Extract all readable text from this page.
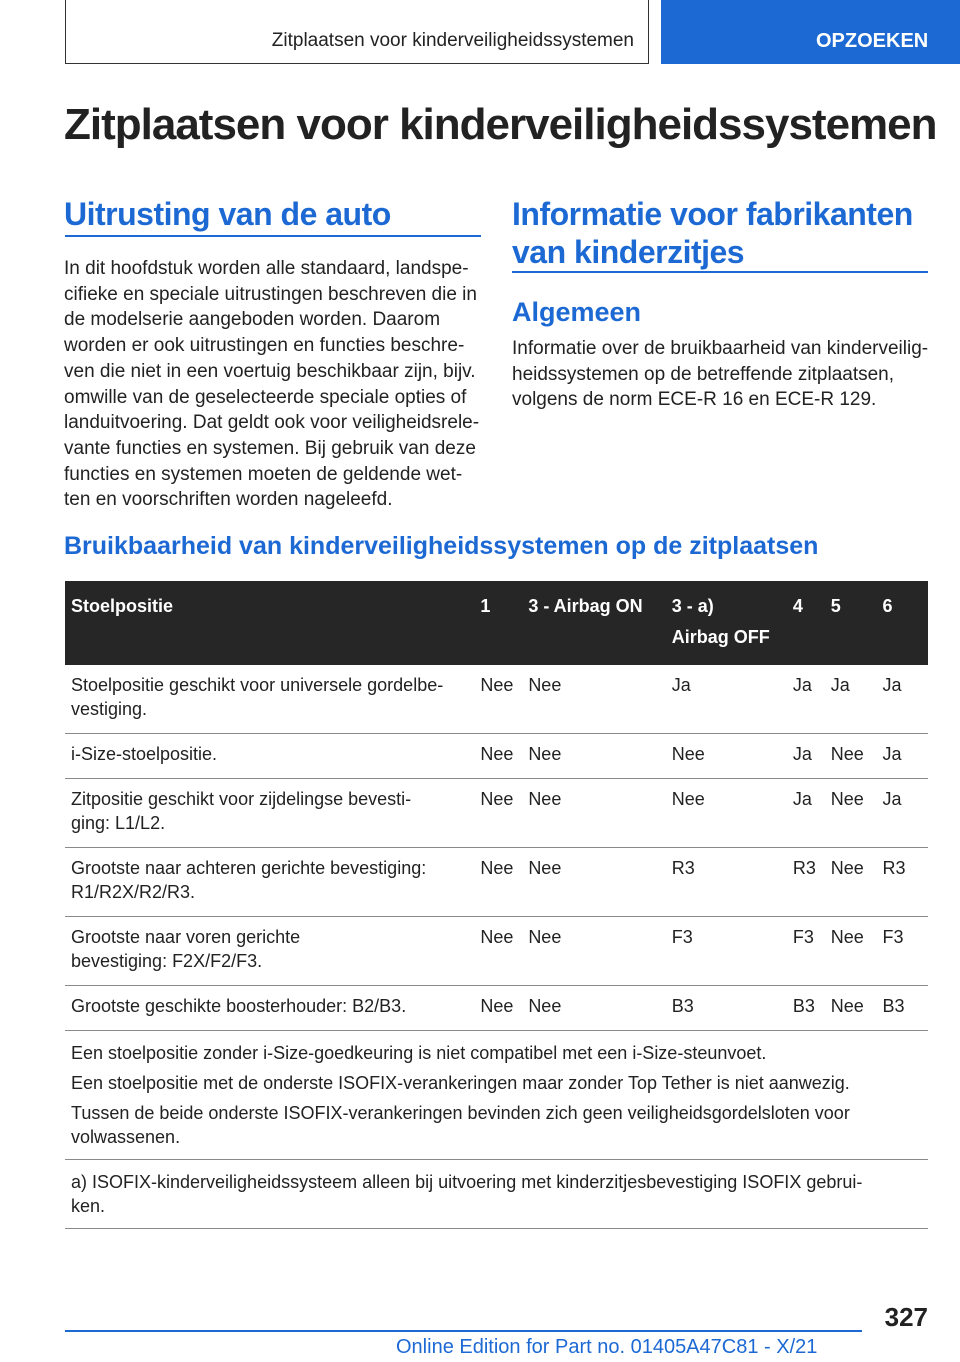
Zitplaatsen voor kinderveiligheidssystemen	OPZOEKEN
Zitplaatsen voor kinderveiligheidssystemen
Uitrusting van de auto

In dit hoofdstuk worden alle standaard, landspe-
cifieke en speciale uitrustingen beschreven die in
de modelserie aangeboden worden. Daarom
worden er ook uitrustingen en functies beschre-
ven die niet in een voertuig beschikbaar zijn, bijv.
omwille van de geselecteerde speciale opties of
landuitvoering. Dat geldt ook voor veiligheidsrele-
vante functies en systemen. Bij gebruik van deze
functies en systemen moeten de geldende wet-
ten en voorschriften worden nageleefd.

Informatie voor fabrikanten
van kinderzitjes
Algemeen

Informatie over de bruikbaarheid van kinderveilig-
heidssystemen op de betreffende zitplaatsen,
volgens de norm ECE-R 16 en ECE-R 129.

Bruikbaarheid van kinderveiligheidssystemen op de zitplaatsen
Stoelpositie	1	3 - Airbag ON	3 - a)
Airbag OFF	4	5	6
Stoelpositie geschikt voor universele gordelbe-
vestiging.	Nee	Nee	Ja	Ja	Ja	Ja
i-Size-stoelpositie.	Nee	Nee	Nee	Ja	Nee	Ja
Zitpositie geschikt voor zijdelingse bevesti-
ging: L1/L2.	Nee	Nee	Nee	Ja	Nee	Ja
Grootste naar achteren gerichte bevestiging:
R1/R2X/R2/R3.	Nee	Nee	R3	R3	Nee	R3
Grootste naar voren gerichte
bevestiging: F2X/F2/F3.	Nee	Nee	F3	F3	Nee	F3
Grootste geschikte boosterhouder: B2/B3.	Nee	Nee	B3	B3	Nee	B3

Een stoelpositie zonder i-Size-goedkeuring is niet compatibel met een i-Size-steunvoet.

Een stoelpositie met de onderste ISOFIX-verankeringen maar zonder Top Tether is niet aanwezig.

Tussen de beide onderste ISOFIX-verankeringen bevinden zich geen veiligheidsgordelsloten voor
volwassenen.						

a) ISOFIX-kinderveiligheidssysteem alleen bij uitvoering met kinderzitjesbevestiging ISOFIX gebrui-
ken.						
327
Online Edition for Part no. 01405A47C81 - X/21
